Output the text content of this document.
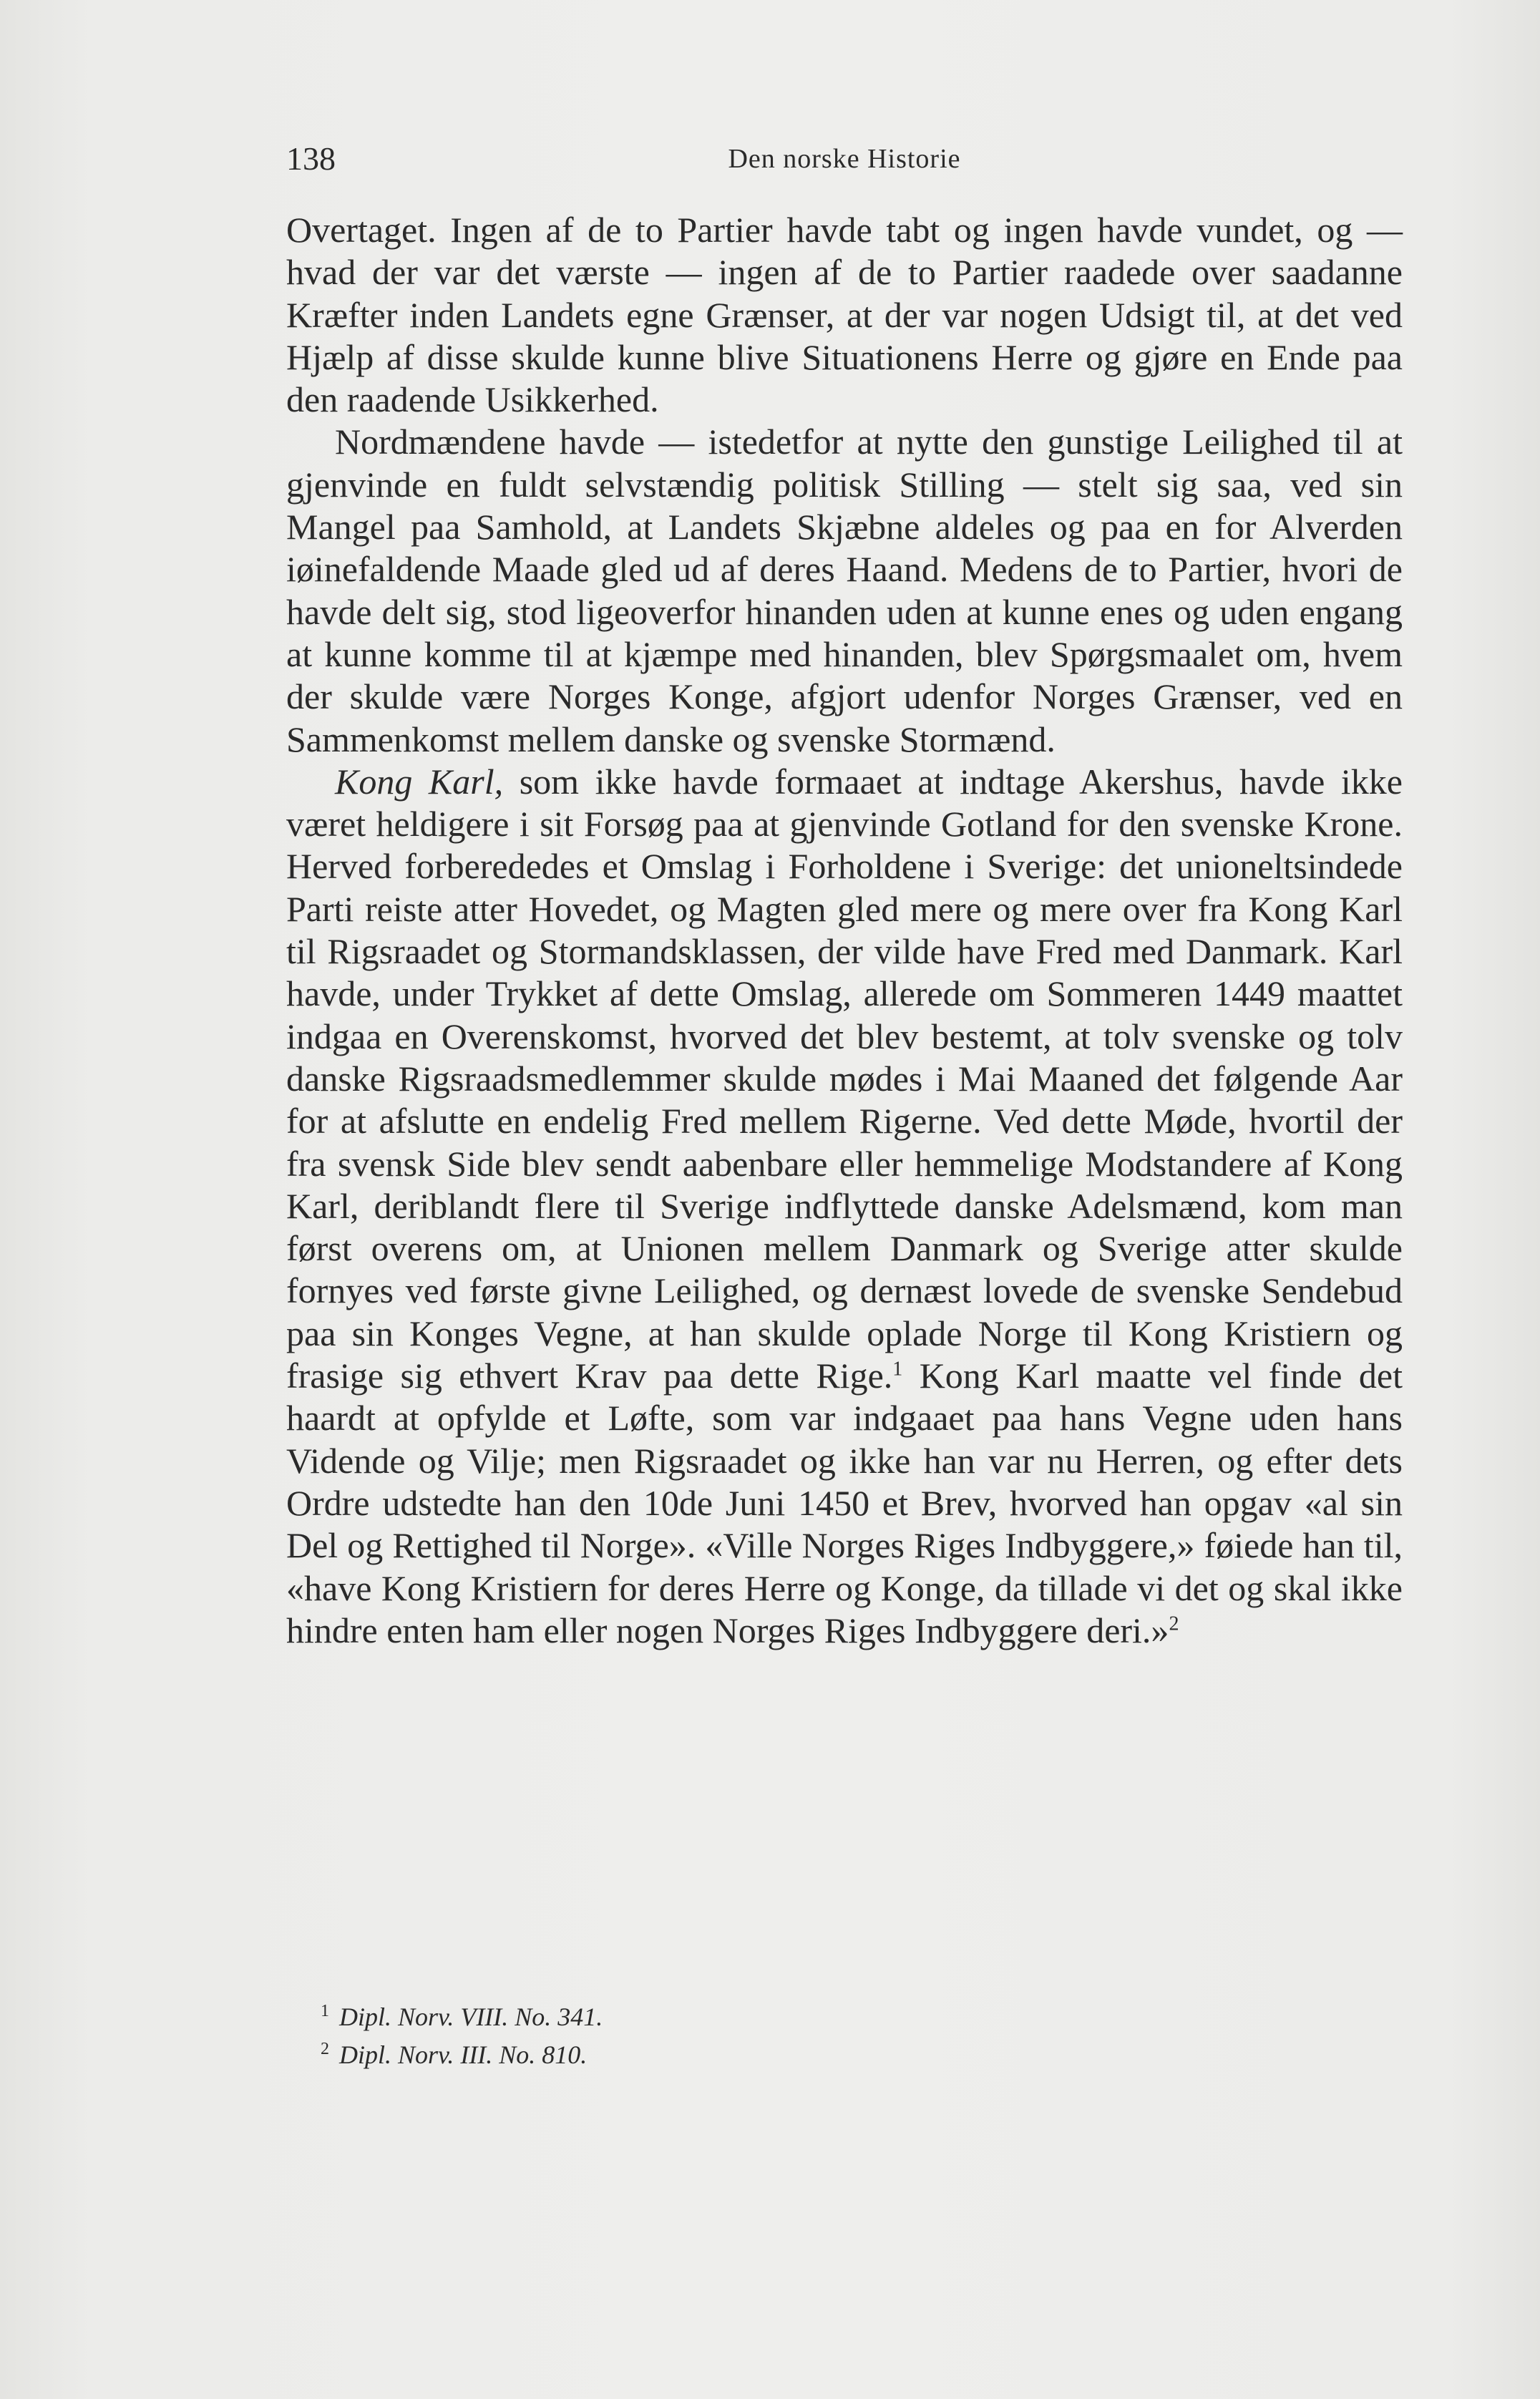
138	Den norske Historie

Overtaget. Ingen af de to Partier havde tabt og ingen havde vundet, og — hvad der var det værste — ingen af de to Partier raadede over saadanne Kræfter inden Landets egne Grænser, at der var nogen Udsigt til, at det ved Hjælp af disse skulde kunne blive Situationens Herre og gjøre en Ende paa den raadende Usikkerhed.

Nordmændene havde — istedetfor at nytte den gunstige Leilighed til at gjenvinde en fuldt selvstændig politisk Stilling — stelt sig saa, ved sin Mangel paa Samhold, at Landets Skjæbne aldeles og paa en for Alverden iøinefaldende Maade gled ud af deres Haand. Medens de to Partier, hvori de havde delt sig, stod ligeoverfor hinanden uden at kunne enes og uden engang at kunne komme til at kjæmpe med hinanden, blev Spørgsmaalet om, hvem der skulde være Norges Konge, afgjort udenfor Norges Grænser, ved en Sammenkomst mellem danske og svenske Stormænd.

Kong Karl, som ikke havde formaaet at indtage Akershus, havde ikke været heldigere i sit Forsøg paa at gjenvinde Gotland for den svenske Krone. Herved forberededes et Omslag i Forholdene i Sverige: det unioneltsindede Parti reiste atter Hovedet, og Magten gled mere og mere over fra Kong Karl til Rigsraadet og Stormandsklassen, der vilde have Fred med Danmark. Karl havde, under Trykket af dette Omslag, allerede om Sommeren 1449 maattet indgaa en Overenskomst, hvorved det blev bestemt, at tolv svenske og tolv danske Rigsraadsmedlemmer skulde mødes i Mai Maaned det følgende Aar for at afslutte en endelig Fred mellem Rigerne. Ved dette Møde, hvortil der fra svensk Side blev sendt aabenbare eller hemmelige Modstandere af Kong Karl, deriblandt flere til Sverige indflyttede danske Adelsmænd, kom man først overens om, at Unionen mellem Danmark og Sverige atter skulde fornyes ved første givne Leilighed, og dernæst lovede de svenske Sendebud paa sin Konges Vegne, at han skulde oplade Norge til Kong Kristiern og frasige sig ethvert Krav paa dette Rige.$^1$ Kong Karl maatte vel finde det haardt at opfylde et Løfte, som var indgaaet paa hans Vegne uden hans Vidende og Vilje; men Rigsraadet og ikke han var nu Herren, og efter dets Ordre udstedte han den 10de Juni 1450 et Brev, hvorved han opgav «al sin Del og Rettighed til Norge». «Ville Norges Riges Indbyggere,» føiede han til, «have Kong Kristiern for deres Herre og Konge, da tillade vi det og skal ikke hindre enten ham eller nogen Norges Riges Indbyggere deri.»$^2$

$^1$ Dipl. Norv. VIII. No. 341.

$^2$ Dipl. Norv. III. No. 810.
